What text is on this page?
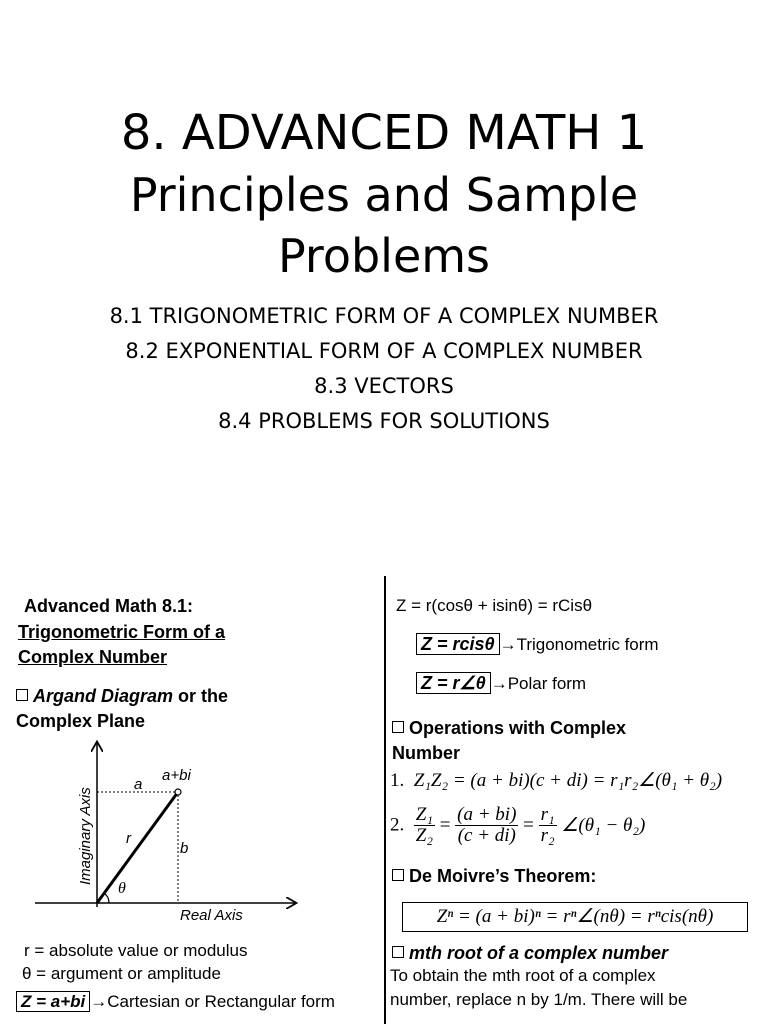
8. ADVANCED MATH 1
Principles and Sample
Problems
8.1 TRIGONOMETRIC FORM OF A COMPLEX NUMBER
8.2 EXPONENTIAL FORM OF A COMPLEX NUMBER
8.3 VECTORS
8.4 PROBLEMS FOR SOLUTIONS
Advanced Math 8.1:
Trigonometric Form of a
Complex Number
Argand Diagram or the
Complex Plane
Imaginary Axis
Real Axis
a+bi
a
b
r
θ
r = absolute value or modulus
θ = argument or amplitude
Z = a+bi →Cartesian or Rectangular form
Z = r(cosθ + isinθ) = rCisθ
Z = rcisθ →Trigonometric form
Z = r∠θ →Polar form
Operations with Complex
Number
1. Z₁Z₂ = (a + bi)(c + di) = r₁r₂∠(θ₁ + θ₂)
2. $\frac{\text{Z₁}}{\text{Z₂}} = \frac{(a + bi)}{(c + di)} = \frac{\text{r₁}}{\text{r₂}}$ ∠(θ₁ − θ₂)
De Moivre’s Theorem:
Zⁿ = (a + bi)ⁿ = rⁿ∠(nθ) = rⁿcis(nθ)
mth root of a complex number
To obtain the mth root of a complex
number, replace n by 1/m. There will be
